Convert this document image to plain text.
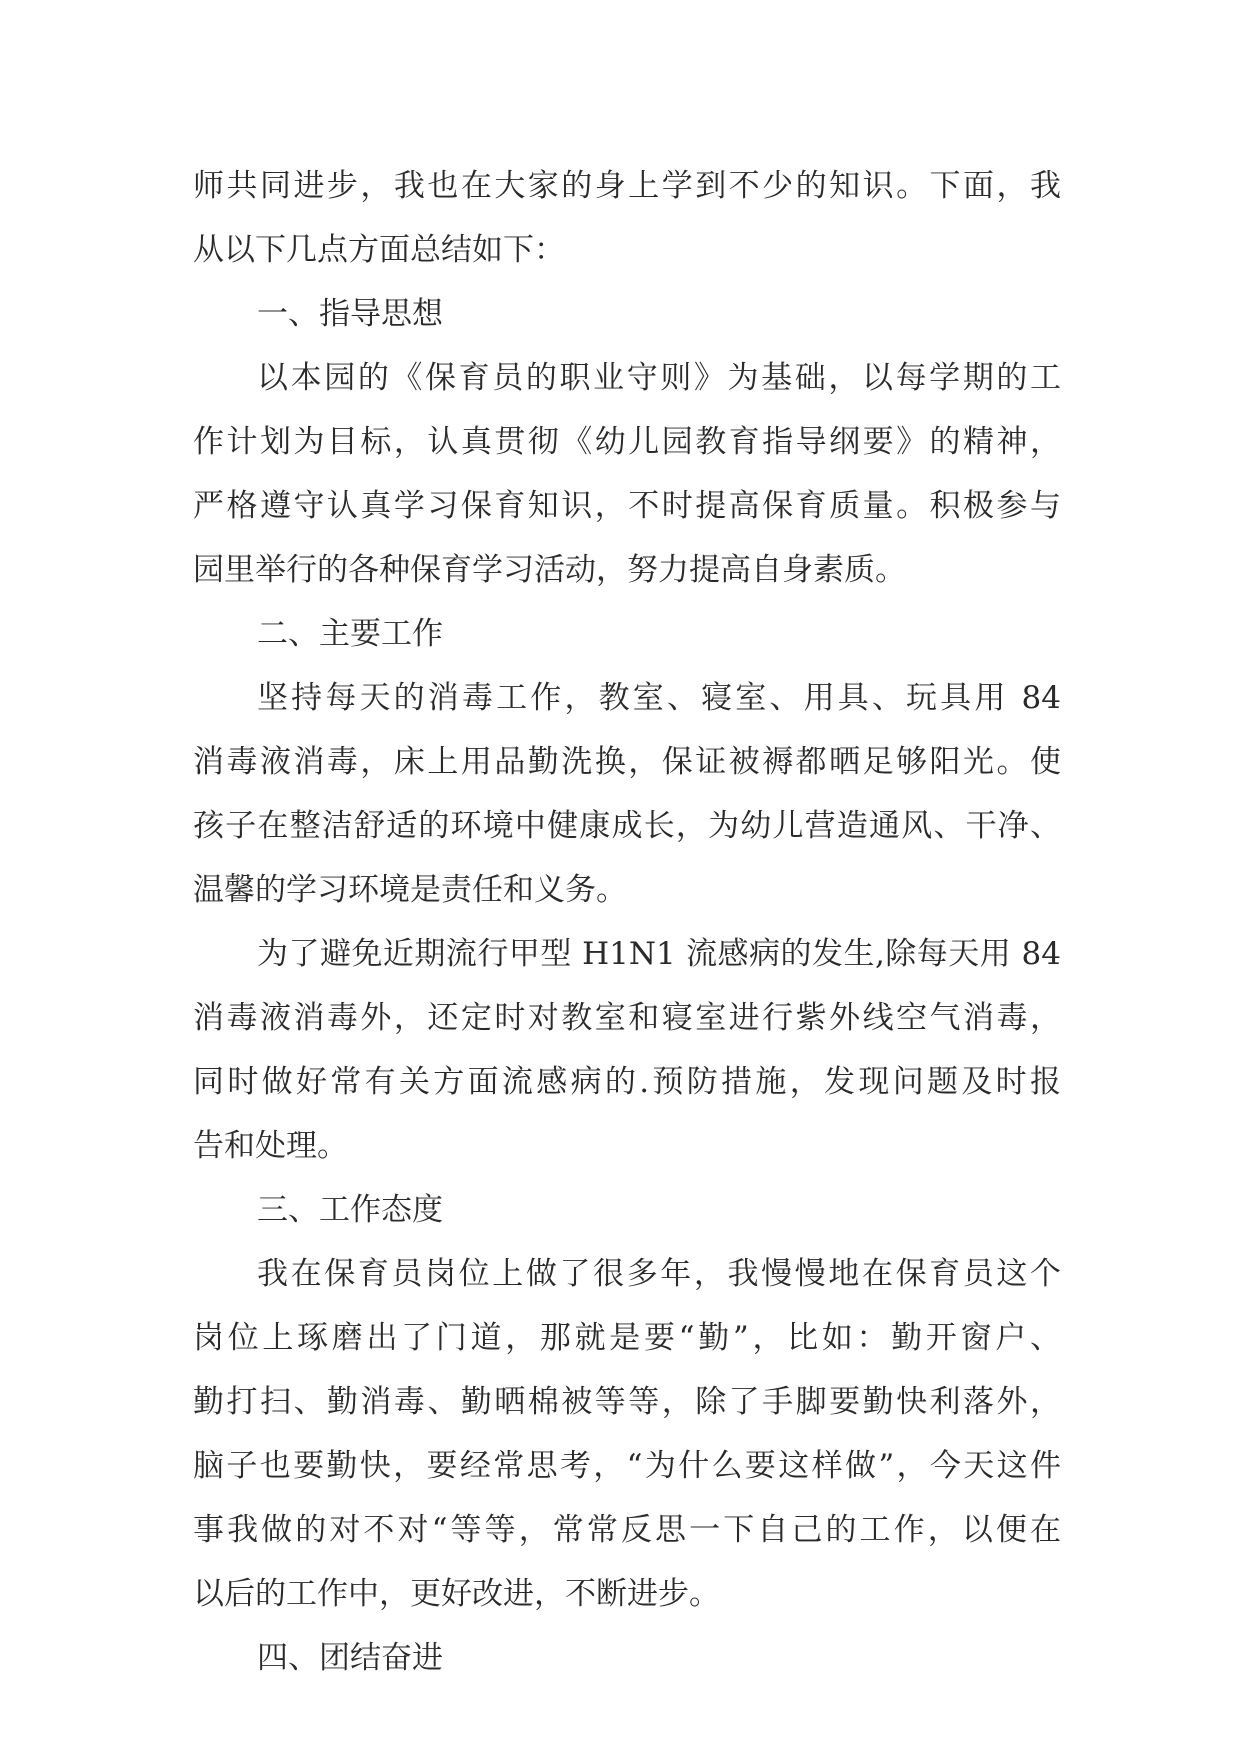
师共同进步，我也在大家的身上学到不少的知识。下面，我
从以下几点方面总结如下：
一、指导思想
以本园的《保育员的职业守则》为基础，以每学期的工
作计划为目标，认真贯彻《幼儿园教育指导纲要》的精神，
严格遵守认真学习保育知识，不时提高保育质量。积极参与
园里举行的各种保育学习活动，努力提高自身素质。
二、主要工作
坚持每天的消毒工作，教室、寝室、用具、玩具用 84
消毒液消毒，床上用品勤洗换，保证被褥都晒足够阳光。使
孩子在整洁舒适的环境中健康成长，为幼儿营造通风、干净、
温馨的学习环境是责任和义务。
为了避免近期流行甲型 H1N1 流感病的发生,除每天用 84
消毒液消毒外，还定时对教室和寝室进行紫外线空气消毒，
同时做好常有关方面流感病的.预防措施，发现问题及时报
告和处理。
三、工作态度
我在保育员岗位上做了很多年，我慢慢地在保育员这个
岗位上琢磨出了门道，那就是要“勤”，比如：勤开窗户、
勤打扫、勤消毒、勤晒棉被等等，除了手脚要勤快利落外，
脑子也要勤快，要经常思考，“为什么要这样做”，今天这件
事我做的对不对“等等，常常反思一下自己的工作，以便在
以后的工作中，更好改进，不断进步。
四、团结奋进
